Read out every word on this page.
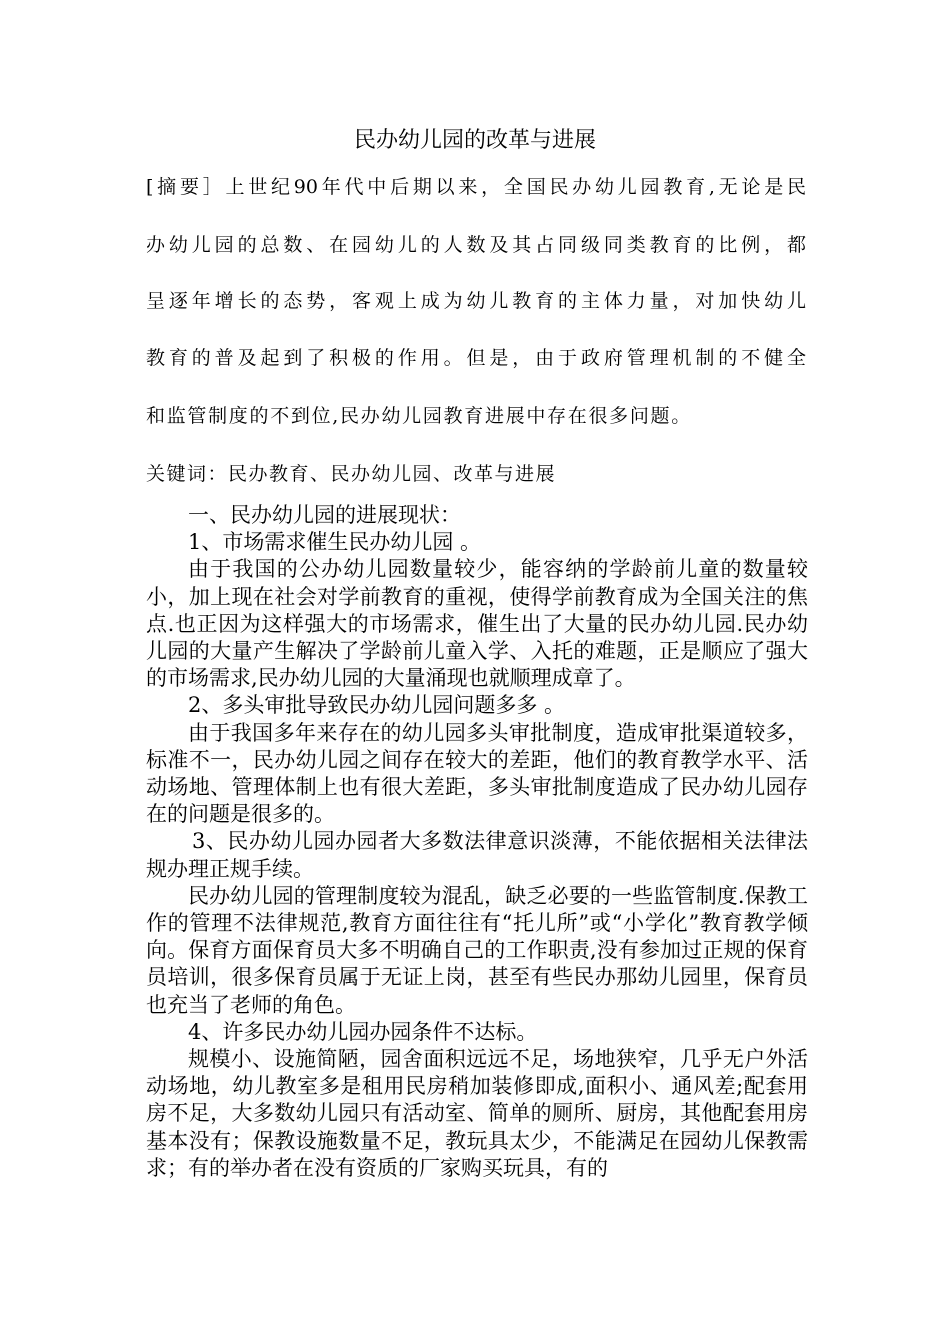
民办幼儿园的改革与进展
[摘要］上世纪90年代中后期以来，全国民办幼儿园教育,无论是民
办幼儿园的总数、在园幼儿的人数及其占同级同类教育的比例，都
呈逐年增长的态势，客观上成为幼儿教育的主体力量，对加快幼儿
教育的普及起到了积极的作用。但是，由于政府管理机制的不健全
和监管制度的不到位,民办幼儿园教育进展中存在很多问题。
关键词：民办教育、民办幼儿园、改革与进展

一、民办幼儿园的进展现状：

1、市场需求催生民办幼儿园 。

由于我国的公办幼儿园数量较少，能容纳的学龄前儿童的数量较小，加上现在社会对学前教育的重视，使得学前教育成为全国关注的焦点.也正因为这样强大的市场需求，催生出了大量的民办幼儿园.民办幼儿园的大量产生解决了学龄前儿童入学、入托的难题，正是顺应了强大的市场需求,民办幼儿园的大量涌现也就顺理成章了。

2、多头审批导致民办幼儿园问题多多 。

由于我国多年来存在的幼儿园多头审批制度，造成审批渠道较多，标准不一，民办幼儿园之间存在较大的差距，他们的教育教学水平、活动场地、管理体制上也有很大差距，多头审批制度造成了民办幼儿园存在的问题是很多的。

3、民办幼儿园办园者大多数法律意识淡薄，不能依据相关法律法规办理正规手续。

民办幼儿园的管理制度较为混乱，缺乏必要的一些监管制度.保教工作的管理不法律规范,教育方面往往有“托儿所”或“小学化”教育教学倾向。保育方面保育员大多不明确自己的工作职责,没有参加过正规的保育员培训，很多保育员属于无证上岗，甚至有些民办那幼儿园里，保育员也充当了老师的角色。

4、许多民办幼儿园办园条件不达标。

规模小、设施简陋，园舍面积远远不足，场地狭窄，几乎无户外活动场地，幼儿教室多是租用民房稍加装修即成,面积小、通风差;配套用房不足，大多数幼儿园只有活动室、简单的厕所、厨房，其他配套用房基本没有；保教设施数量不足，教玩具太少，不能满足在园幼儿保教需求；有的举办者在没有资质的厂家购买玩具，有的
